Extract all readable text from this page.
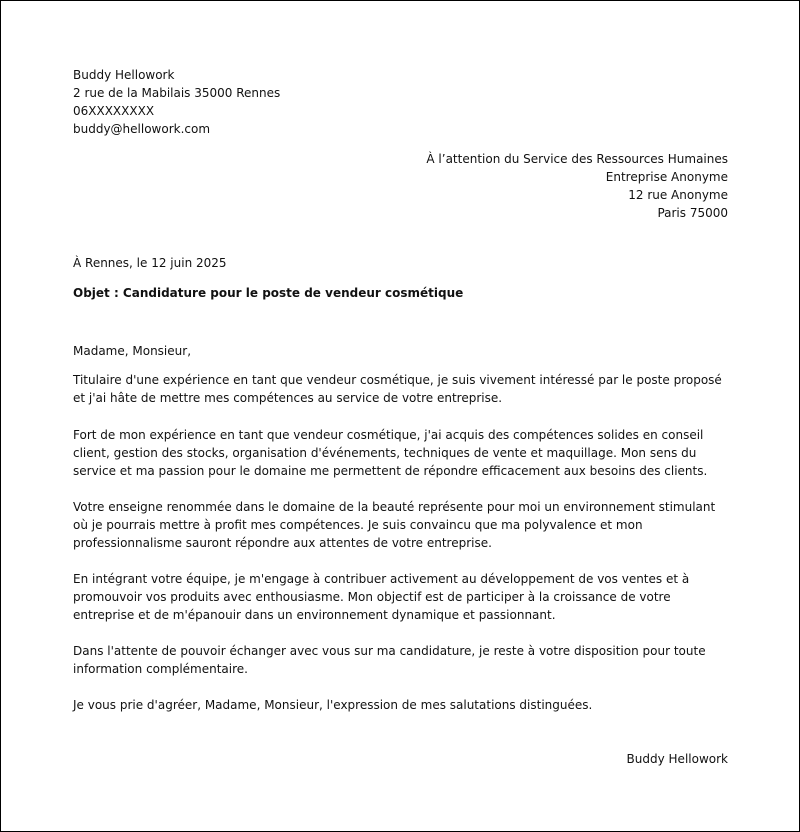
Buddy Hellowork
2 rue de la Mabilais 35000 Rennes
06XXXXXXXX
buddy@hellowork.com
À l’attention du Service des Ressources Humaines
Entreprise Anonyme
12 rue Anonyme
Paris 75000
À Rennes, le 12 juin 2025
Objet : Candidature pour le poste de vendeur cosmétique
Madame, Monsieur,

Titulaire d'une expérience en tant que vendeur cosmétique, je suis vivement intéressé par le poste proposé et j'ai hâte de mettre mes compétences au service de votre entreprise.

Fort de mon expérience en tant que vendeur cosmétique, j'ai acquis des compétences solides en conseil client, gestion des stocks, organisation d'événements, techniques de vente et maquillage. Mon sens du service et ma passion pour le domaine me permettent de répondre efficacement aux besoins des clients.

Votre enseigne renommée dans le domaine de la beauté représente pour moi un environnement stimulant où je pourrais mettre à profit mes compétences. Je suis convaincu que ma polyvalence et mon professionnalisme sauront répondre aux attentes de votre entreprise.

En intégrant votre équipe, je m'engage à contribuer activement au développement de vos ventes et à promouvoir vos produits avec enthousiasme. Mon objectif est de participer à la croissance de votre entreprise et de m'épanouir dans un environnement dynamique et passionnant.

Dans l'attente de pouvoir échanger avec vous sur ma candidature, je reste à votre disposition pour toute information complémentaire.

Je vous prie d'agréer, Madame, Monsieur, l'expression de mes salutations distinguées.

Buddy Hellowork
